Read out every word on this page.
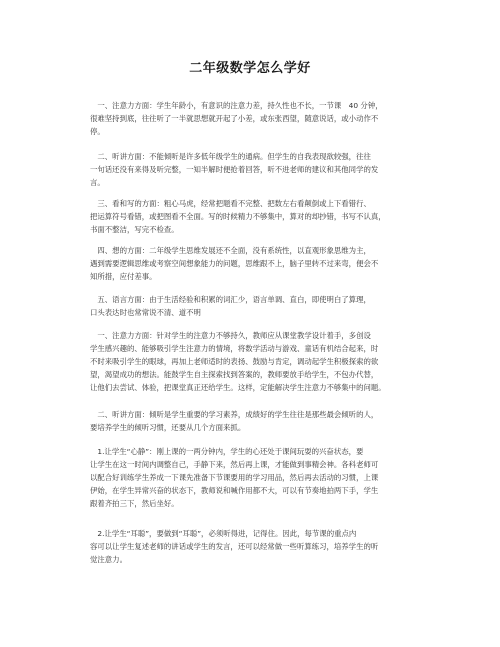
二年级数学怎么学好

　一、注意力方面：学生年龄小，有意识的注意力差，持久性也不长，一节课　40 分钟，
很难坚持到底，往往听了一半就思想就开起了小差，或东张西望，随意说话，或小动作不
停。

　二、听讲方面：不能倾听是许多低年级学生的通病。但学生的自我表现欲较强，往往
一句话还没有来得及听完整，一知半解时便抢着回答，听不进老师的建议和其他同学的发
言。

　三、看和写的方面：粗心马虎，经常把题看不完整、把数左右看颠倒或上下看错行、
把运算符号看错，或把图看不全面。写的时候精力不够集中，算对的却抄错，书写不认真，
书面不整洁，写完不检查。

　四、想的方面：二年级学生思维发展还不全面，没有系统性，以直观形象思维为主，
遇到需要逻辑思维或考察空间想象能力的问题，思维跟不上，脑子里转不过来弯，便会不
知所措，应付差事。

　五、语言方面：由于生活经验和积累的词汇少，语言单调、直白，即使明白了算理，
口头表达时也常常说不清、道不明

　一、注意力方面：针对学生的注意力不够持久，教师应从课堂教学设计着手，多创设
学生感兴趣的、能够吸引学生注意力的情境，将数学活动与游戏、童话有机结合起来，时
不时来吸引学生的眼球，再加上老师适时的表扬、鼓励与肯定，调动起学生积极探索的欲
望，渴望成功的想法。能鼓学生自主探索找到答案的，教师要放手给学生，不包办代替，
让他们去尝试、体验，把课堂真正还给学生。这样，定能解决学生注意力不够集中的问题。

　二、听讲方面：倾听是学生重要的学习素养，成绩好的学生往往是那些最会倾听的人，
要培养学生的倾听习惯，还要从几个方面来抓。

　1.让学生“心静”：刚上课的一两分钟内，学生的心还处于课间玩耍的兴奋状态，要
让学生在这一时间内调整自己，手静下来，然后再上课，才能做到事精会神。各科老师可
以配合好训练学生养成一下课先准备下节课要用的学习用品，然后再去活动的习惯，上课
伊始，在学生异常兴奋的状态下，教师说和喊作用都不大，可以有节奏地拍两下手，学生
跟着齐拍三下，然后坐好。

　2.让学生“耳聪”，要做到“耳聪”，必须听得进，记得住。因此，每节课的重点内
容可以让学生复述老师的讲话或学生的发言，还可以经常做一些听算练习，培养学生的听
觉注意力。
